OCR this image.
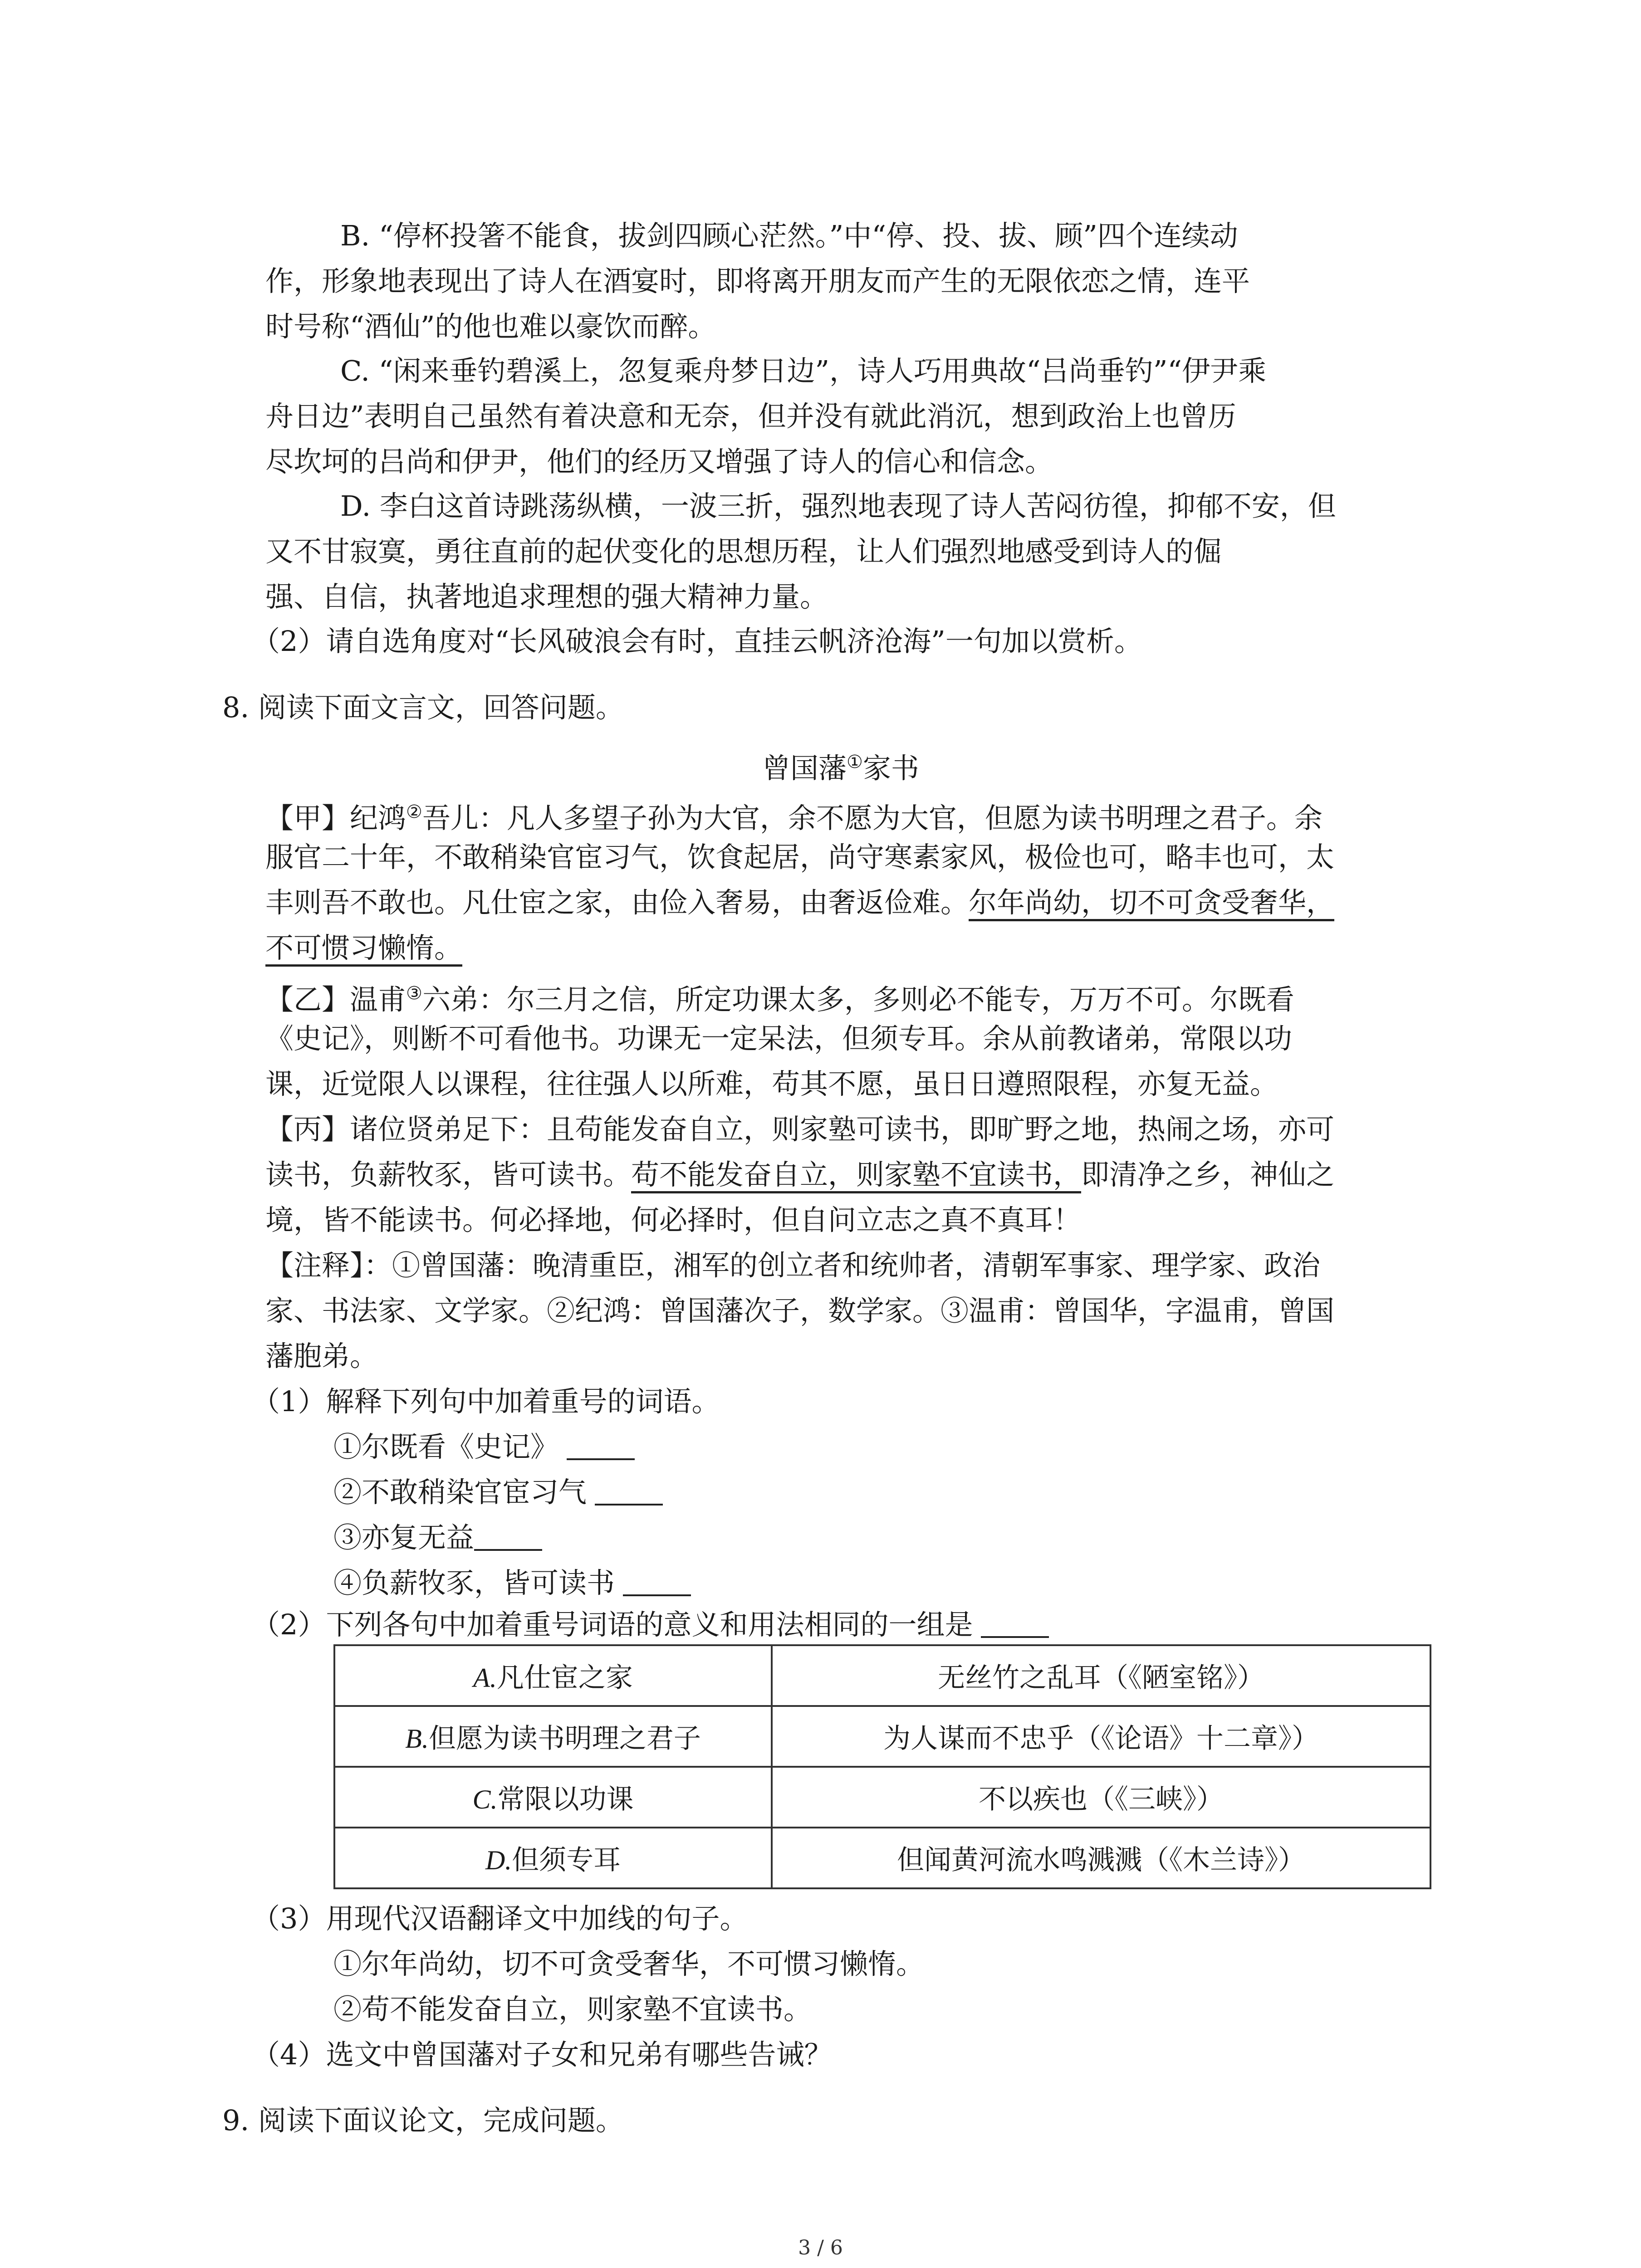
B. “停杯投箸不能食，拔剑四顾心茫然。”中“停、投、拔、顾”四个连续动
作，形象地表现出了诗人在酒宴时，即将离开朋友而产生的无限依恋之情，连平
时号称“酒仙”的他也难以豪饮而醉。
C. “闲来垂钓碧溪上，忽复乘舟梦日边”，诗人巧用典故“吕尚垂钓”“伊尹乘
舟日边”表明自己虽然有着决意和无奈，但并没有就此消沉，想到政治上也曾历
尽坎坷的吕尚和伊尹，他们的经历又增强了诗人的信心和信念。
D. 李白这首诗跳荡纵横，一波三折，强烈地表现了诗人苦闷彷徨，抑郁不安，但
又不甘寂寞，勇往直前的起伏变化的思想历程，让人们强烈地感受到诗人的倔
强、自信，执著地追求理想的强大精神力量。
（2）请自选角度对“长风破浪会有时，直挂云帆济沧海”一句加以赏析。
8. 阅读下面文言文，回答问题。
曾国藩①家书
【甲】纪鸿②吾儿：凡人多望子孙为大官，余不愿为大官，但愿为读书明理之君子。余
服官二十年，不敢稍染官宦习气，饮食起居，尚守寒素家风，极俭也可，略丰也可，太
丰则吾不敢也。凡仕宦之家，由俭入奢易，由奢返俭难。尔年尚幼，切不可贪受奢华，
不可惯习懒惰。
【乙】温甫③六弟：尔三月之信，所定功课太多，多则必不能专，万万不可。尔既看
《史记》，则断不可看他书。功课无一定呆法，但须专耳。余从前教诸弟，常限以功
课，近觉限人以课程，往往强人以所难，苟其不愿，虽日日遵照限程，亦复无益。
【丙】诸位贤弟足下：且苟能发奋自立，则家塾可读书，即旷野之地，热闹之场，亦可
读书，负薪牧豕，皆可读书。苟不能发奋自立，则家塾不宜读书，即清净之乡，神仙之
境，皆不能读书。何必择地，何必择时，但自问立志之真不真耳！
【注释】：①曾国藩：晚清重臣，湘军的创立者和统帅者，清朝军事家、理学家、政治
家、书法家、文学家。②纪鸿：曾国藩次子，数学家。③温甫：曾国华，字温甫，曾国
藩胞弟。
（1）解释下列句中加着重号的词语。
①尔既看《史记》
②不敢稍染官宦习气
③亦复无益
④负薪牧豕，皆可读书
（2）下列各句中加着重号词语的意义和用法相同的一组是
A.凡仕宦之家	无丝竹之乱耳（《陋室铭》）
B.但愿为读书明理之君子	为人谋而不忠乎（《论语》十二章》）
C.常限以功课	不以疾也（《三峡》）
D.但须专耳	但闻黄河流水鸣溅溅（《木兰诗》）
（3）用现代汉语翻译文中加线的句子。
①尔年尚幼，切不可贪受奢华，不可惯习懒惰。
②苟不能发奋自立，则家塾不宜读书。
（4）选文中曾国藩对子女和兄弟有哪些告诫？
9. 阅读下面议论文，完成问题。
3 / 6
